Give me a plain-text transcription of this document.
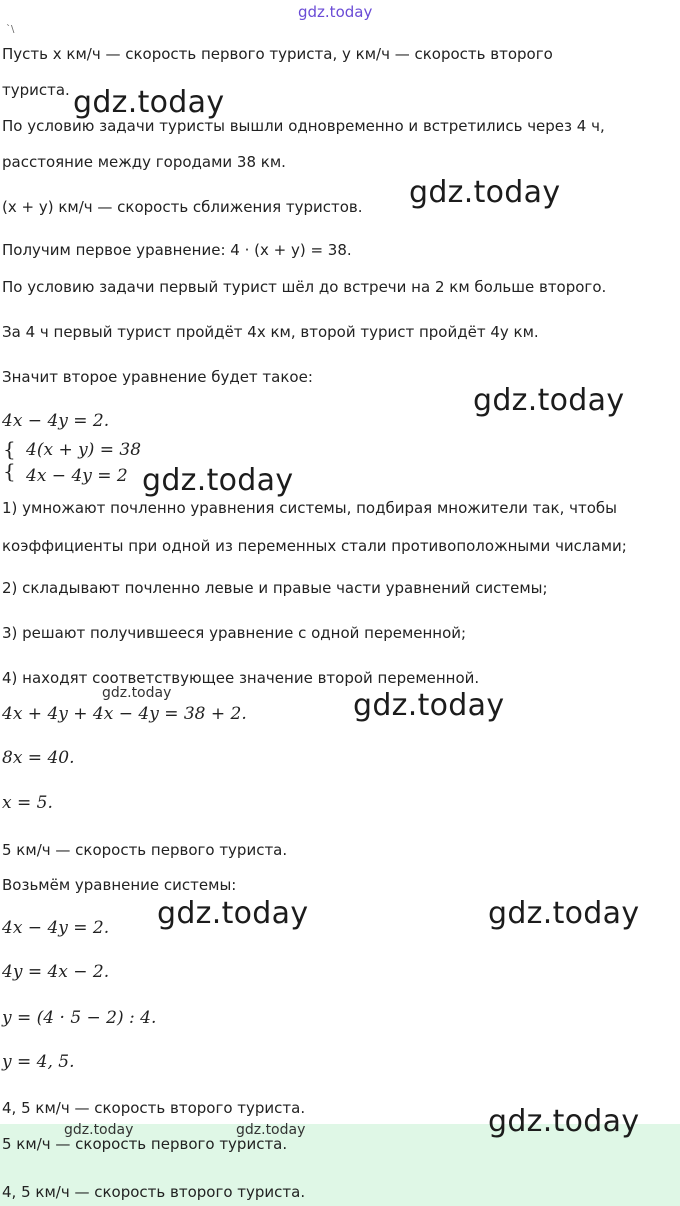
gdz.today
`\
Пусть x км/ч — скорость первого туриста, y км/ч — скорость второго
туриста.
По условию задачи туристы вышли одновременно и встретились через 4 ч,
расстояние между городами 38 км.
(x + y) км/ч — скорость сближения туристов.
Получим первое уравнение: 4 · (x + y) = 38.
По условию задачи первый турист шёл до встречи на 2 км больше второго.
За 4 ч первый турист пройдёт 4x км, второй турист пройдёт 4y км.
Значит второе уравнение будет такое:
4x − 4y = 2.
{
{
4(x + y) = 38
4x − 4y = 2
1) умножают почленно уравнения системы, подбирая множители так, чтобы
коэффициенты при одной из переменных стали противоположными числами;
2) складывают почленно левые и правые части уравнений системы;
3) решают получившееся уравнение с одной переменной;
4) находят соответствующее значение второй переменной.
4x + 4y + 4x − 4y = 38 + 2.
8x = 40.
x = 5.
5 км/ч — скорость первого туриста.
Возьмём уравнение системы:
4x − 4y = 2.
4y = 4x − 2.
y = (4 · 5 − 2) : 4.
y = 4, 5.
4, 5 км/ч — скорость второго туриста.
5 км/ч — скорость первого туриста.
4, 5 км/ч — скорость второго туриста.
gdz.today
gdz.today
gdz.today
gdz.today
gdz.today	gdz.today
gdz.today	gdz.today
gdz.today
gdz.today	gdz.today
